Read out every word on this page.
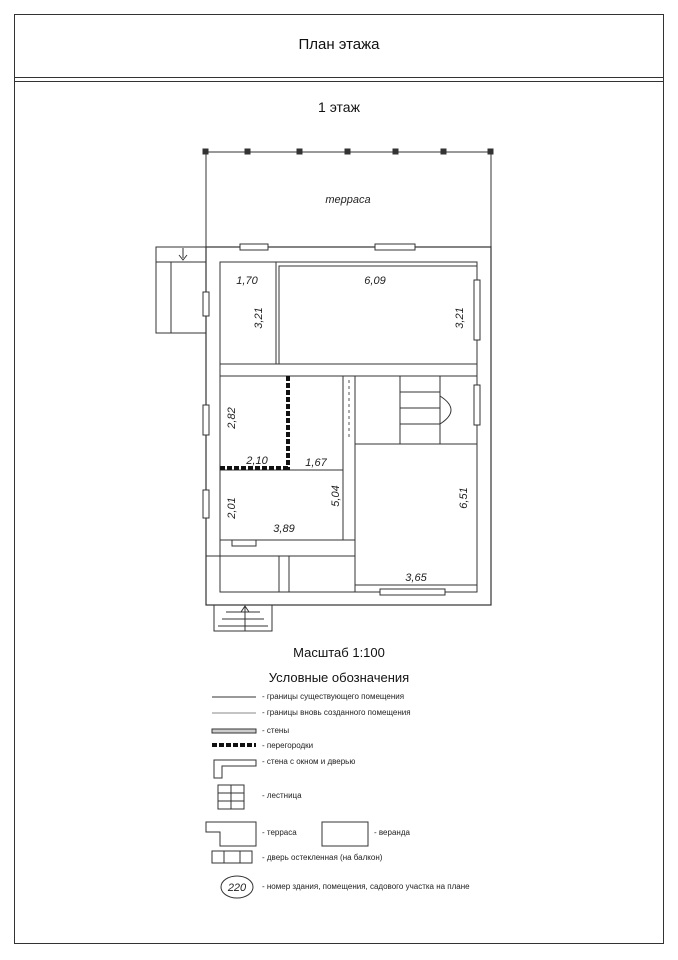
План этажа
1 этаж
терраса
1,70
3,21
6,09
3,21
2,82
2,10	1,67
2,01
3,89
5,04	6,51
3,65
Масштаб 1:100
Условные обозначения
220
- границы существующего помещения
- границы вновь созданного помещения
- стены
- перегородки
- стена с окном и дверью
- лестница
- терраса	- веранда
- дверь остекленная (на балкон)
- номер здания, помещения, садового участка на плане
